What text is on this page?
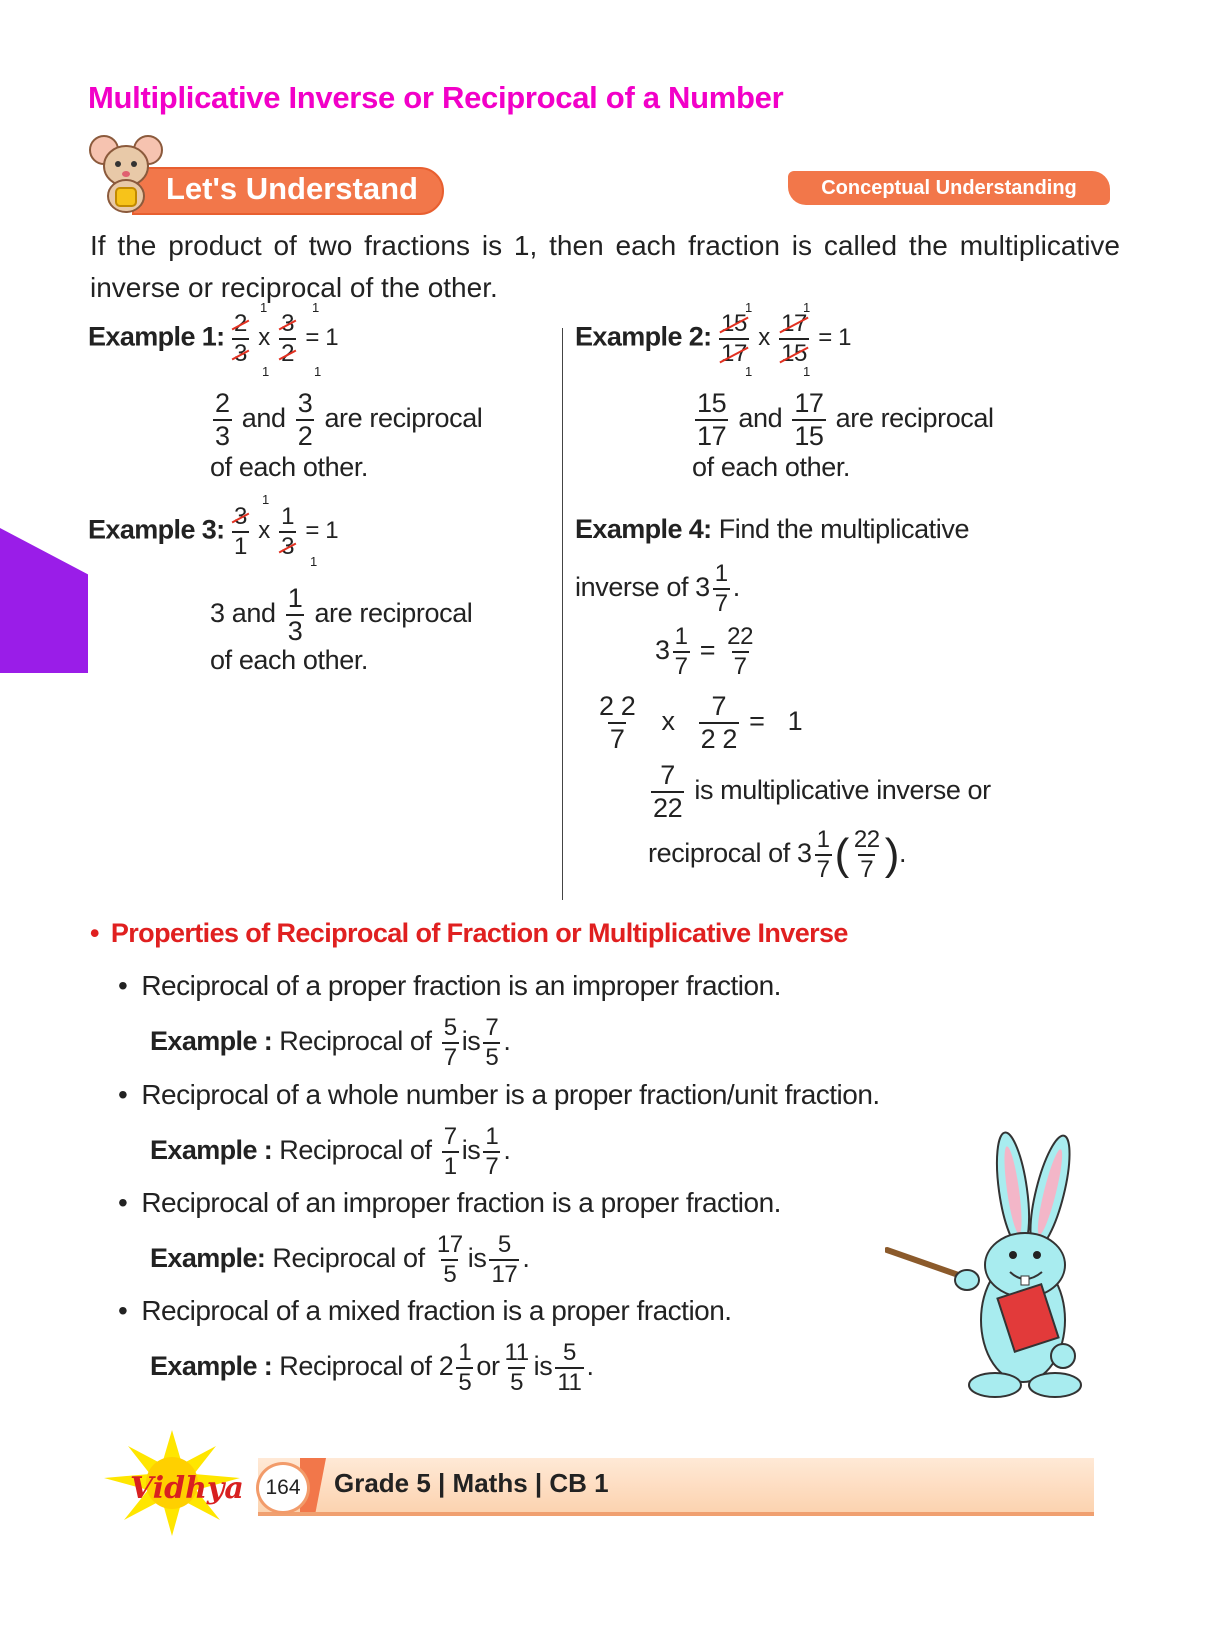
Multiplicative Inverse or Reciprocal of a Number
Let's Understand	Conceptual Understanding
If the product of two fractions is 1, then each fraction is called the multiplicative inverse or reciprocal of the other.
Example 1: $\frac{2}{3}$ x $\frac{3}{2} = 1$
1	1
1	1
$\frac{2}{3}$ and $\frac{3}{2}$ are reciprocal
of each other.
Example 2: $\frac{15}{17}$ x $\frac{17}{15} = 1$
1	1
1	1
$\frac{15}{17}$ and $\frac{17}{15}$ are reciprocal
of each other.
Example 3: $\frac{3}{1}$ x $\frac{1}{3} = 1$
1
1
3 and $\frac{1}{3}$ are reciprocal
of each other.
Example 4: Find the multiplicative
inverse of $3 \frac{1}{7}$ .
$3 \frac{1}{7} = \frac{22}{7}$
$\frac{2 2}{7}$ x $\frac{7}{2 2} = 1$
$\frac{7}{22}$ is multiplicative inverse or
reciprocal of $3 \frac{1}{7}$ ( $\frac{22}{7}$ ).
• Properties of Reciprocal of Fraction or Multiplicative Inverse
• Reciprocal of a proper fraction is an improper fraction.
Example : Reciprocal of $\frac{5}{7}$ is $\frac{7}{5}$ .
• Reciprocal of a whole number is a proper fraction/unit fraction.
Example : Reciprocal of $\frac{7}{1}$ is $\frac{1}{7}$ .
• Reciprocal of an improper fraction is a proper fraction.
Example: Reciprocal of $\frac{17}{5}$ is $\frac{5}{17}$ .
• Reciprocal of a mixed fraction is a proper fraction.
Example : Reciprocal of $2 \frac{1}{5}$ or $\frac{11}{5}$ is $\frac{5}{11}$ .
164	Grade 5 | Maths | CB 1
Vidhya
